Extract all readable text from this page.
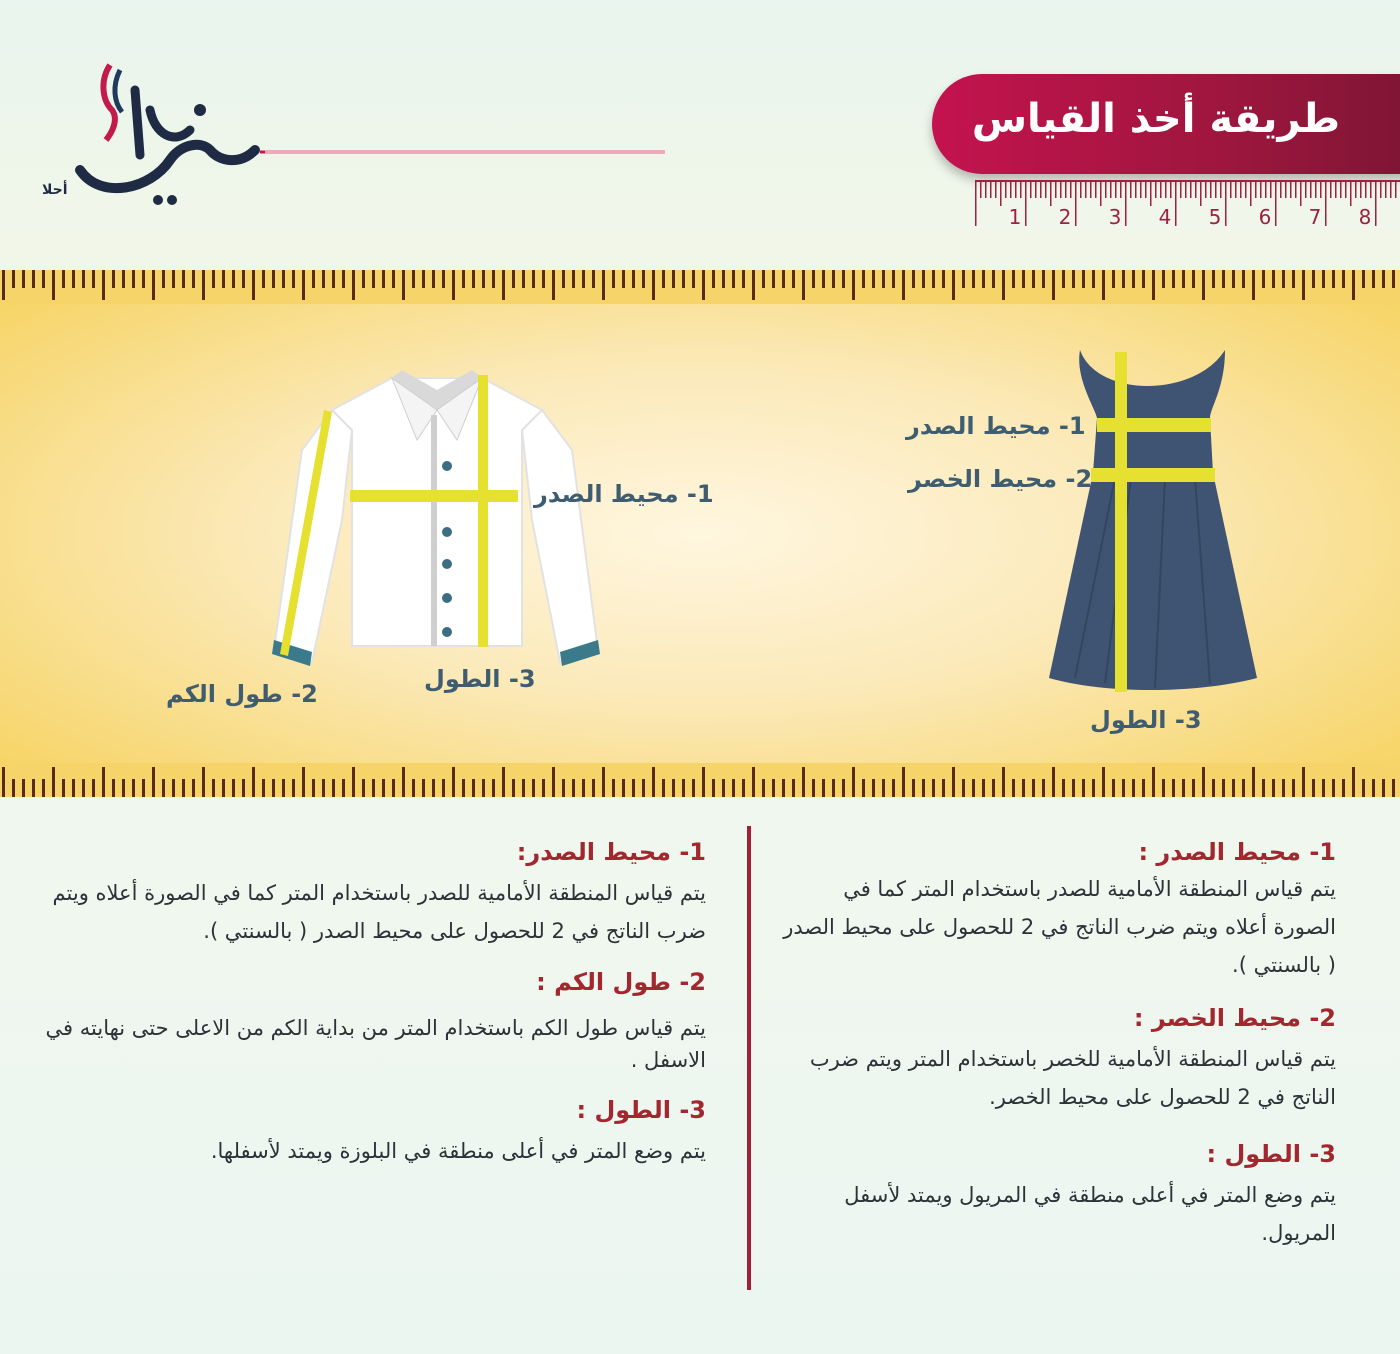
أحلا
طريقة أخذ القياس
1 2 3 4 5 6 7 8
1- محيط الصدر
2- طول الكم
3- الطول
1- محيط الصدر
2- محيط الخصر
3- الطول
1- محيط الصدر :

يتم قياس المنطقة الأمامية للصدر باستخدام المتر كما في الصورة أعلاه ويتم ضرب الناتج في 2 للحصول على محيط الصدر ( بالسنتي ).

2- محيط الخصر :

يتم قياس المنطقة الأمامية للخصر باستخدام المتر ويتم ضرب الناتج في 2 للحصول على محيط الخصر.

3- الطول :

يتم وضع المتر في أعلى منطقة في المريول ويمتد لأسفل المريول.

1- محيط الصدر:

يتم قياس المنطقة الأمامية للصدر باستخدام المتر كما في الصورة أعلاه ويتم ضرب الناتج في 2 للحصول على محيط الصدر ( بالسنتي ).

2- طول الكم :

يتم قياس طول الكم باستخدام المتر من بداية الكم من الاعلى حتى نهايته في الاسفل .

3- الطول :

يتم وضع المتر في أعلى منطقة في البلوزة ويمتد لأسفلها.
